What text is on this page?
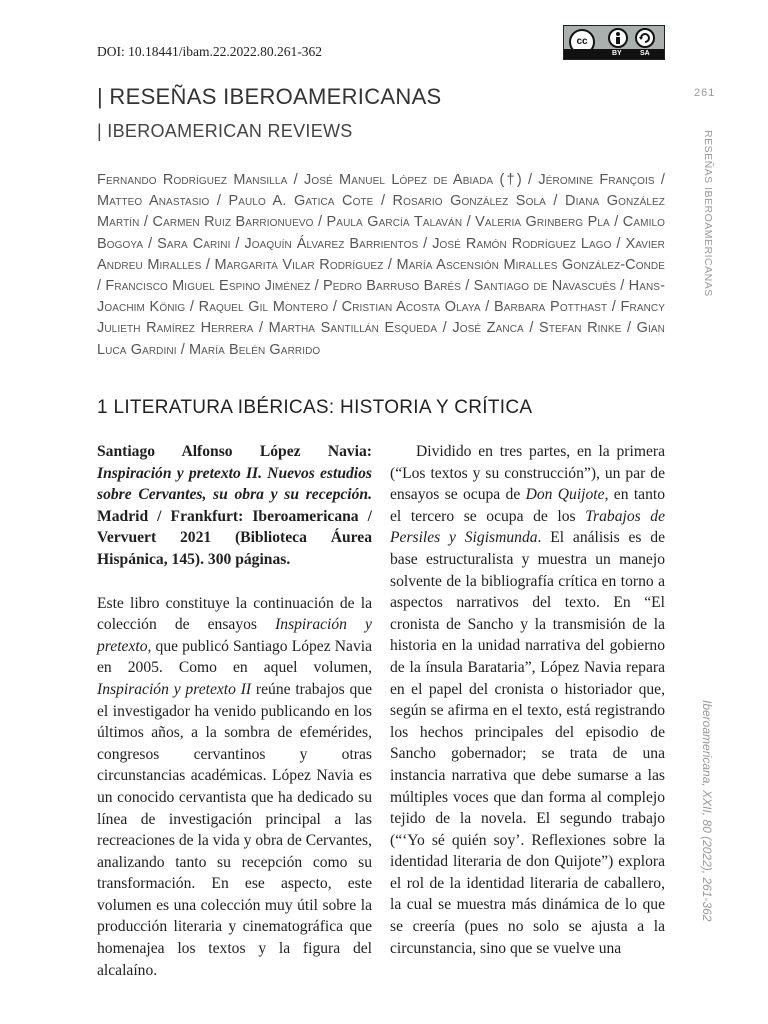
DOI: 10.18441/ibam.22.2022.80.261-362
cc
BY	SA
261
RESEÑAS IBEROAMERICANAS
Iberoamericana, XXII, 80 (2022), 261-362
| RESEÑAS IBEROAMERICANAS
| IBEROAMERICAN REVIEWS
Fernando Rodríguez Mansilla / José Manuel López de Abiada (†) / Jéromine François / Matteo Anastasio / Paulo A. Gatica Cote / Rosario González Sola / Diana González Martín / Carmen Ruiz Barrionuevo / Paula García Talaván / Valeria Grinberg Pla / Camilo Bogoya / Sara Carini / Joaquín Álvarez Barrientos / José Ramón Rodríguez Lago / Xavier Andreu Miralles / Margarita Vilar Rodríguez / María Ascensión Miralles González-Conde / Francisco Miguel Espino Jiménez / Pedro Barruso Barés / Santiago de Navascués / Hans-Joachim König / Raquel Gil Montero / Cristian Acosta Olaya / Barbara Potthast / Francy Julieth Ramírez Herrera / Martha Santillán Esqueda / José Zanca / Stefan Rinke / Gian Luca Gardini / María Belén Garrido
1 LITERATURA IBÉRICAS: HISTORIA Y CRÍTICA

Santiago Alfonso López Navia: Inspiración y pretexto II. Nuevos estudios sobre Cervantes, su obra y su recepción. Madrid / Frankfurt: Iberoamericana / Vervuert 2021 (Biblioteca Áurea Hispánica, 145). 300 páginas.

Este libro constituye la continuación de la colección de ensayos Inspiración y pretexto, que publicó Santiago López Navia en 2005. Como en aquel volumen, Inspiración y pretexto II reúne trabajos que el investigador ha venido publicando en los últimos años, a la sombra de efemérides, congresos cervantinos y otras circunstancias académicas. López Navia es un conocido cervantista que ha dedicado su línea de investigación principal a las recreaciones de la vida y obra de Cervantes, analizando tanto su recepción como su transformación. En ese aspecto, este volumen es una colección muy útil sobre la producción literaria y cinematográfica que homenajea los textos y la figura del alcalaíno.

Dividido en tres partes, en la primera (“Los textos y su construcción”), un par de ensayos se ocupa de Don Quijote, en tanto el tercero se ocupa de los Trabajos de Persiles y Sigismunda. El análisis es de base estructuralista y muestra un manejo solvente de la bibliografía crítica en torno a aspectos narrativos del texto. En “El cronista de Sancho y la transmisión de la historia en la unidad narrativa del gobierno de la ínsula Barataria”, López Navia repara en el papel del cronista o historiador que, según se afirma en el texto, está registrando los hechos principales del episodio de Sancho gobernador; se trata de una instancia narrativa que debe sumarse a las múltiples voces que dan forma al complejo tejido de la novela. El segundo trabajo (“‘Yo sé quién soy’. Reflexiones sobre la identidad literaria de don Quijote”) explora el rol de la identidad literaria de caballero, la cual se muestra más dinámica de lo que se creería (pues no solo se ajusta a la circunstancia, sino que se vuelve una
